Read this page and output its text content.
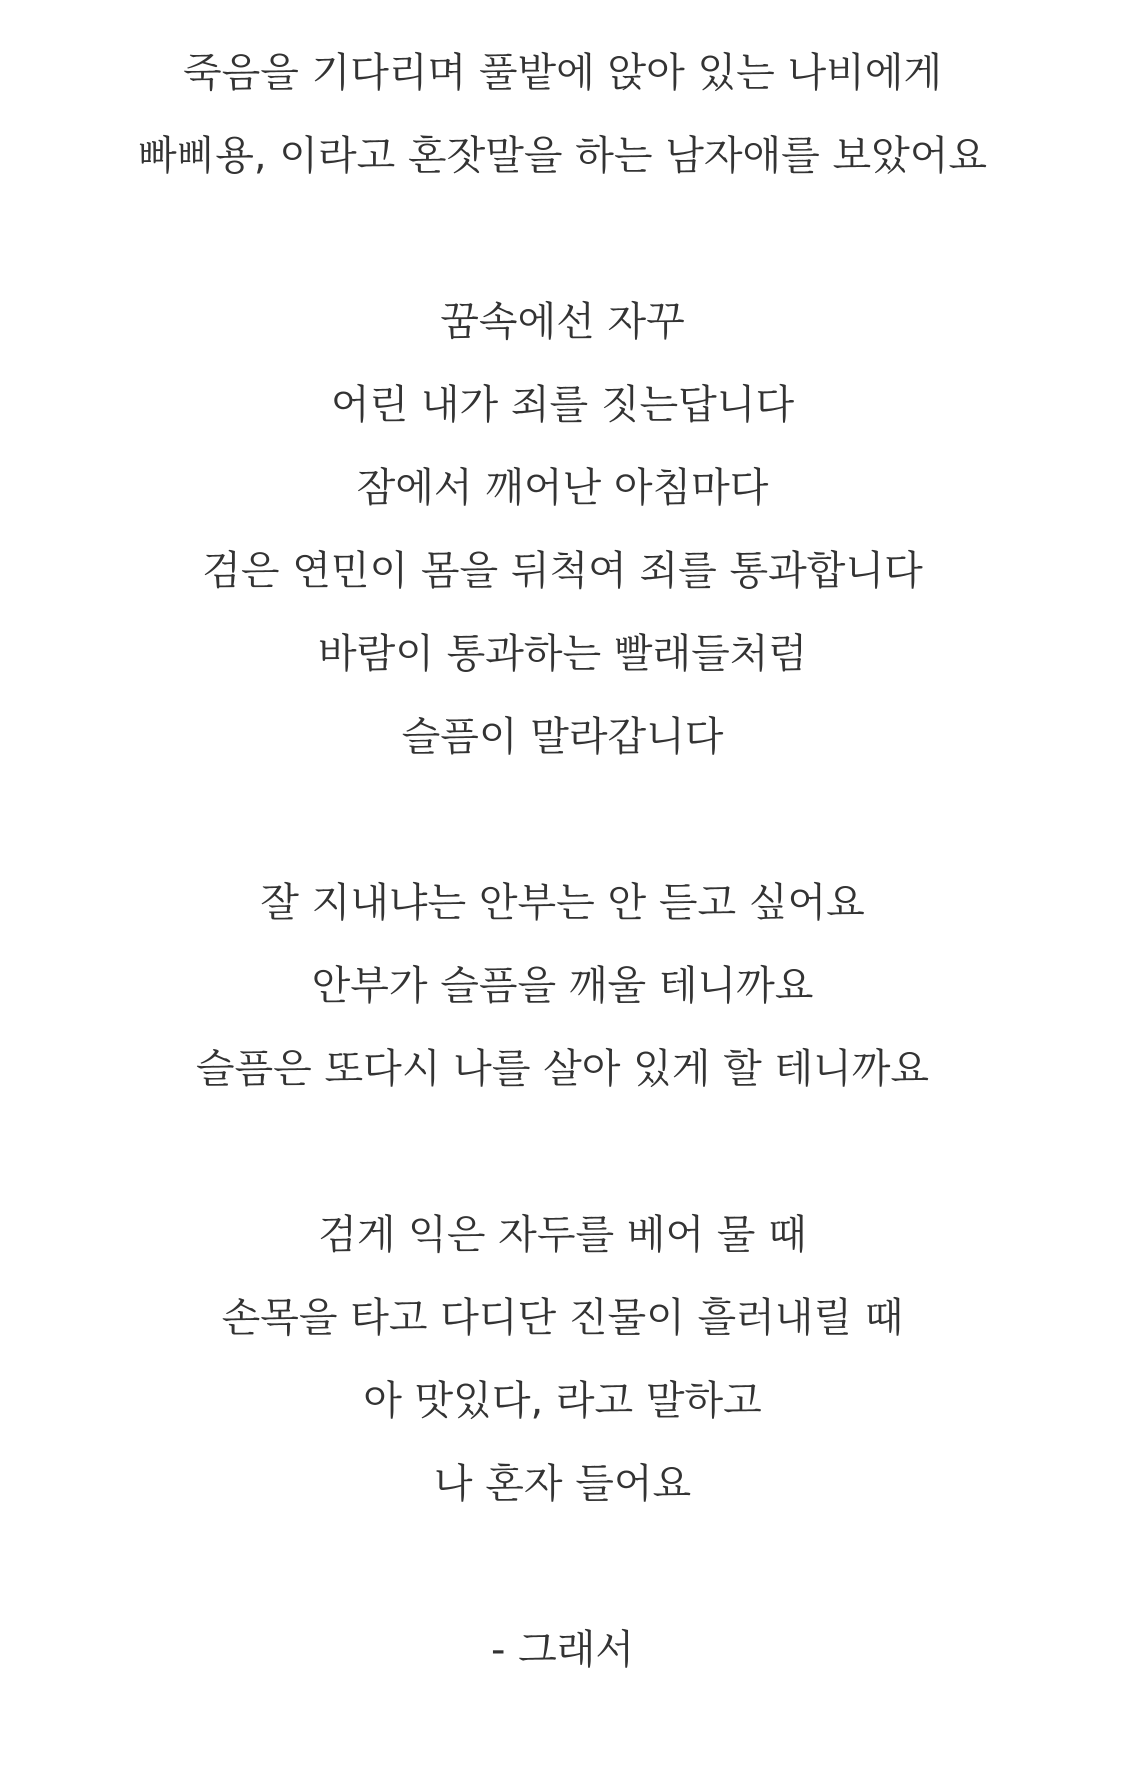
죽음을 기다리며 풀밭에 앉아 있는 나비에게
빠삐용, 이라고 혼잣말을 하는 남자애를 보았어요
꿈속에선 자꾸
어린 내가 죄를 짓는답니다
잠에서 깨어난 아침마다
검은 연민이 몸을 뒤척여 죄를 통과합니다
바람이 통과하는 빨래들처럼
슬픔이 말라갑니다
잘 지내냐는 안부는 안 듣고 싶어요
안부가 슬픔을 깨울 테니까요
슬픔은 또다시 나를 살아 있게 할 테니까요
검게 익은 자두를 베어 물 때
손목을 타고 다디단 진물이 흘러내릴 때
아 맛있다, 라고 말하고
나 혼자 들어요
- 그래서
